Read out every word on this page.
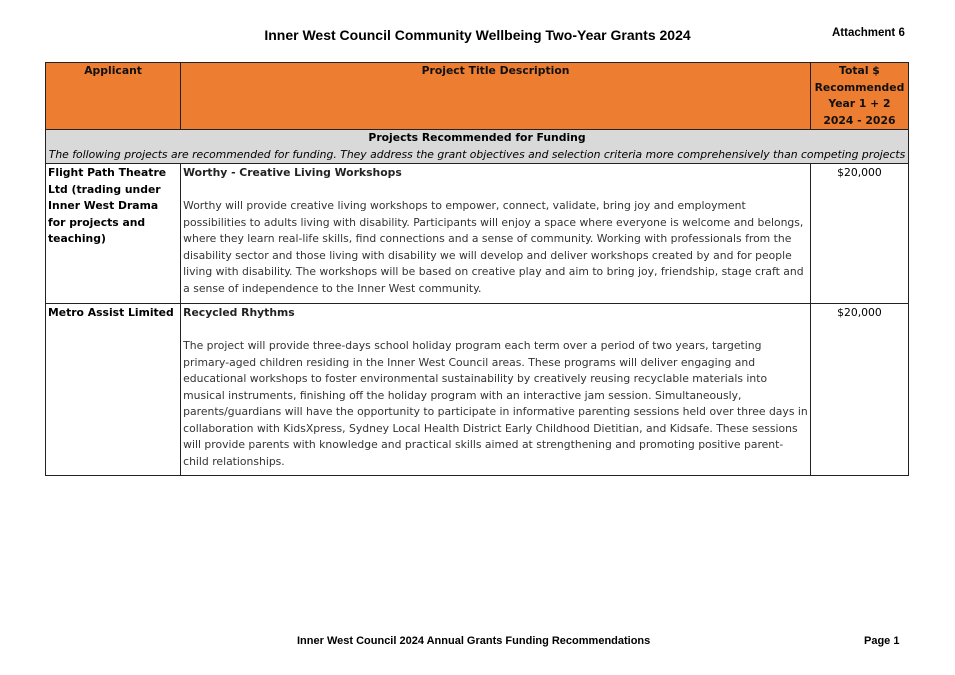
Inner West Council Community Wellbeing Two-Year Grants 2024	Attachment 6
Applicant	Project Title Description	Total $
Recommended
Year 1 + 2
2024 - 2026

Projects Recommended for Funding
The following projects are recommended for funding. They address the grant objectives and selection criteria more comprehensively than competing projects		

Flight Path Theatre Ltd (trading under Inner West Drama for projects and teaching)	Worthy - Creative Living Workshops
Worthy will provide creative living workshops to empower, connect, validate, bring joy and employment possibilities to adults living with disability. Participants will enjoy a space where everyone is welcome and belongs, where they learn real-life skills, find connections and a sense of community. Working with professionals from the disability sector and those living with disability we will develop and deliver workshops created by and for people living with disability. The workshops will be based on creative play and aim to bring joy, friendship, stage craft and a sense of independence to the Inner West community.	$20,000
Metro Assist Limited	Recycled Rhythms
The project will provide three-days school holiday program each term over a period of two years, targeting primary-aged children residing in the Inner West Council areas. These programs will deliver engaging and educational workshops to foster environmental sustainability by creatively reusing recyclable materials into musical instruments, finishing off the holiday program with an interactive jam session. Simultaneously, parents/guardians will have the opportunity to participate in informative parenting sessions held over three days in collaboration with KidsXpress, Sydney Local Health District Early Childhood Dietitian, and Kidsafe. These sessions will provide parents with knowledge and practical skills aimed at strengthening and promoting positive parent-child relationships.	$20,000
Inner West Council 2024 Annual Grants Funding Recommendations	Page 1
